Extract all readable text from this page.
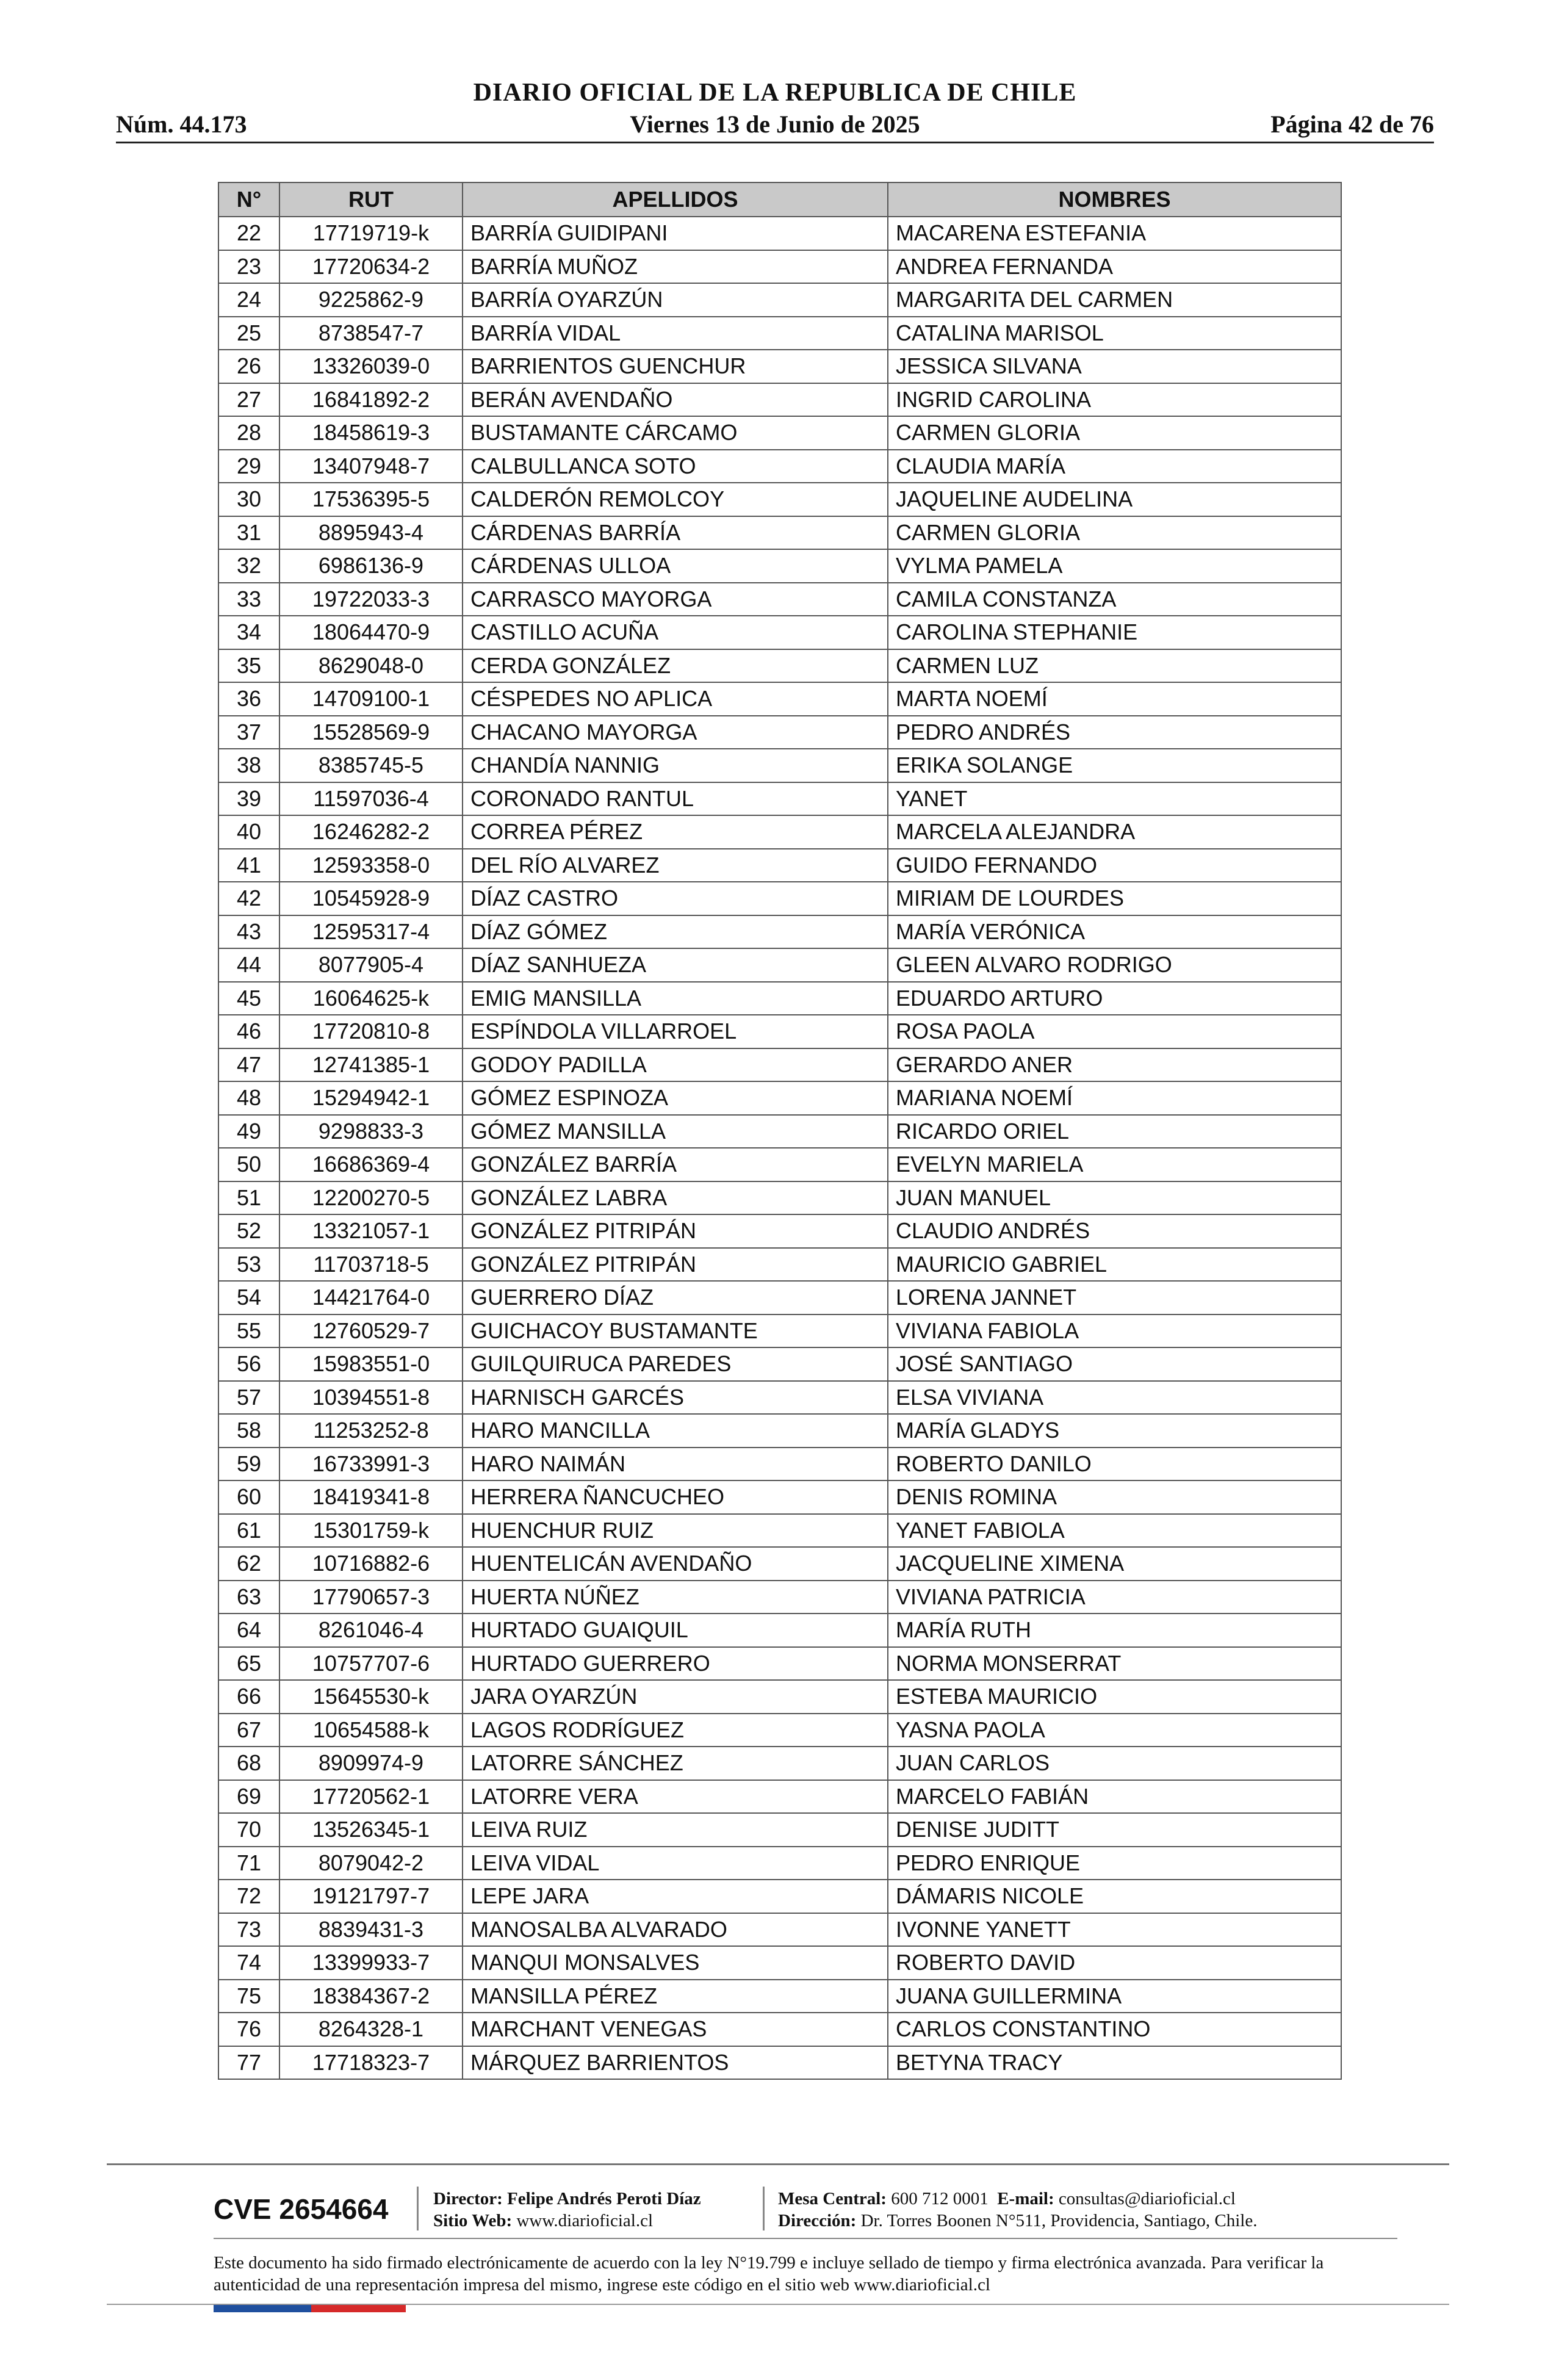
DIARIO OFICIAL DE LA REPUBLICA DE CHILE
Núm. 44.173	Viernes 13 de Junio de 2025	Página 42 de 76
N°	RUT	APELLIDOS	NOMBRES
22	17719719-k	BARRÍA GUIDIPANI	MACARENA ESTEFANIA
23	17720634-2	BARRÍA MUÑOZ	ANDREA FERNANDA
24	9225862-9	BARRÍA OYARZÚN	MARGARITA DEL CARMEN
25	8738547-7	BARRÍA VIDAL	CATALINA MARISOL
26	13326039-0	BARRIENTOS GUENCHUR	JESSICA SILVANA
27	16841892-2	BERÁN AVENDAÑO	INGRID CAROLINA
28	18458619-3	BUSTAMANTE CÁRCAMO	CARMEN GLORIA
29	13407948-7	CALBULLANCA SOTO	CLAUDIA MARÍA
30	17536395-5	CALDERÓN REMOLCOY	JAQUELINE AUDELINA
31	8895943-4	CÁRDENAS BARRÍA	CARMEN GLORIA
32	6986136-9	CÁRDENAS ULLOA	VYLMA PAMELA
33	19722033-3	CARRASCO MAYORGA	CAMILA CONSTANZA
34	18064470-9	CASTILLO ACUÑA	CAROLINA STEPHANIE
35	8629048-0	CERDA GONZÁLEZ	CARMEN LUZ
36	14709100-1	CÉSPEDES NO APLICA	MARTA NOEMÍ
37	15528569-9	CHACANO MAYORGA	PEDRO ANDRÉS
38	8385745-5	CHANDÍA NANNIG	ERIKA SOLANGE
39	11597036-4	CORONADO RANTUL	YANET
40	16246282-2	CORREA PÉREZ	MARCELA ALEJANDRA
41	12593358-0	DEL RÍO ALVAREZ	GUIDO FERNANDO
42	10545928-9	DÍAZ CASTRO	MIRIAM DE LOURDES
43	12595317-4	DÍAZ GÓMEZ	MARÍA VERÓNICA
44	8077905-4	DÍAZ SANHUEZA	GLEEN ALVARO RODRIGO
45	16064625-k	EMIG MANSILLA	EDUARDO ARTURO
46	17720810-8	ESPÍNDOLA VILLARROEL	ROSA PAOLA
47	12741385-1	GODOY PADILLA	GERARDO ANER
48	15294942-1	GÓMEZ ESPINOZA	MARIANA NOEMÍ
49	9298833-3	GÓMEZ MANSILLA	RICARDO ORIEL
50	16686369-4	GONZÁLEZ BARRÍA	EVELYN MARIELA
51	12200270-5	GONZÁLEZ LABRA	JUAN MANUEL
52	13321057-1	GONZÁLEZ PITRIPÁN	CLAUDIO ANDRÉS
53	11703718-5	GONZÁLEZ PITRIPÁN	MAURICIO GABRIEL
54	14421764-0	GUERRERO DÍAZ	LORENA JANNET
55	12760529-7	GUICHACOY BUSTAMANTE	VIVIANA FABIOLA
56	15983551-0	GUILQUIRUCA PAREDES	JOSÉ SANTIAGO
57	10394551-8	HARNISCH GARCÉS	ELSA VIVIANA
58	11253252-8	HARO MANCILLA	MARÍA GLADYS
59	16733991-3	HARO NAIMÁN	ROBERTO DANILO
60	18419341-8	HERRERA ÑANCUCHEO	DENIS ROMINA
61	15301759-k	HUENCHUR RUIZ	YANET FABIOLA
62	10716882-6	HUENTELICÁN AVENDAÑO	JACQUELINE XIMENA
63	17790657-3	HUERTA NÚÑEZ	VIVIANA PATRICIA
64	8261046-4	HURTADO GUAIQUIL	MARÍA RUTH
65	10757707-6	HURTADO GUERRERO	NORMA MONSERRAT
66	15645530-k	JARA OYARZÚN	ESTEBA MAURICIO
67	10654588-k	LAGOS RODRÍGUEZ	YASNA PAOLA
68	8909974-9	LATORRE SÁNCHEZ	JUAN CARLOS
69	17720562-1	LATORRE VERA	MARCELO FABIÁN
70	13526345-1	LEIVA RUIZ	DENISE JUDITT
71	8079042-2	LEIVA VIDAL	PEDRO ENRIQUE
72	19121797-7	LEPE JARA	DÁMARIS NICOLE
73	8839431-3	MANOSALBA ALVARADO	IVONNE YANETT
74	13399933-7	MANQUI MONSALVES	ROBERTO DAVID
75	18384367-2	MANSILLA PÉREZ	JUANA GUILLERMINA
76	8264328-1	MARCHANT VENEGAS	CARLOS CONSTANTINO
77	17718323-7	MÁRQUEZ BARRIENTOS	BETYNA TRACY
CVE 2654664	Director: Felipe Andrés Peroti Díaz
Sitio Web: www.diarioficial.cl
Mesa Central: 600 712 0001 E-mail: consultas@diarioficial.cl
Dirección: Dr. Torres Boonen N°511, Providencia, Santiago, Chile.
Este documento ha sido firmado electrónicamente de acuerdo con la ley N°19.799 e incluye sellado de tiempo y firma electrónica avanzada. Para verificar la autenticidad de una representación impresa del mismo, ingrese este código en el sitio web www.diarioficial.cl
